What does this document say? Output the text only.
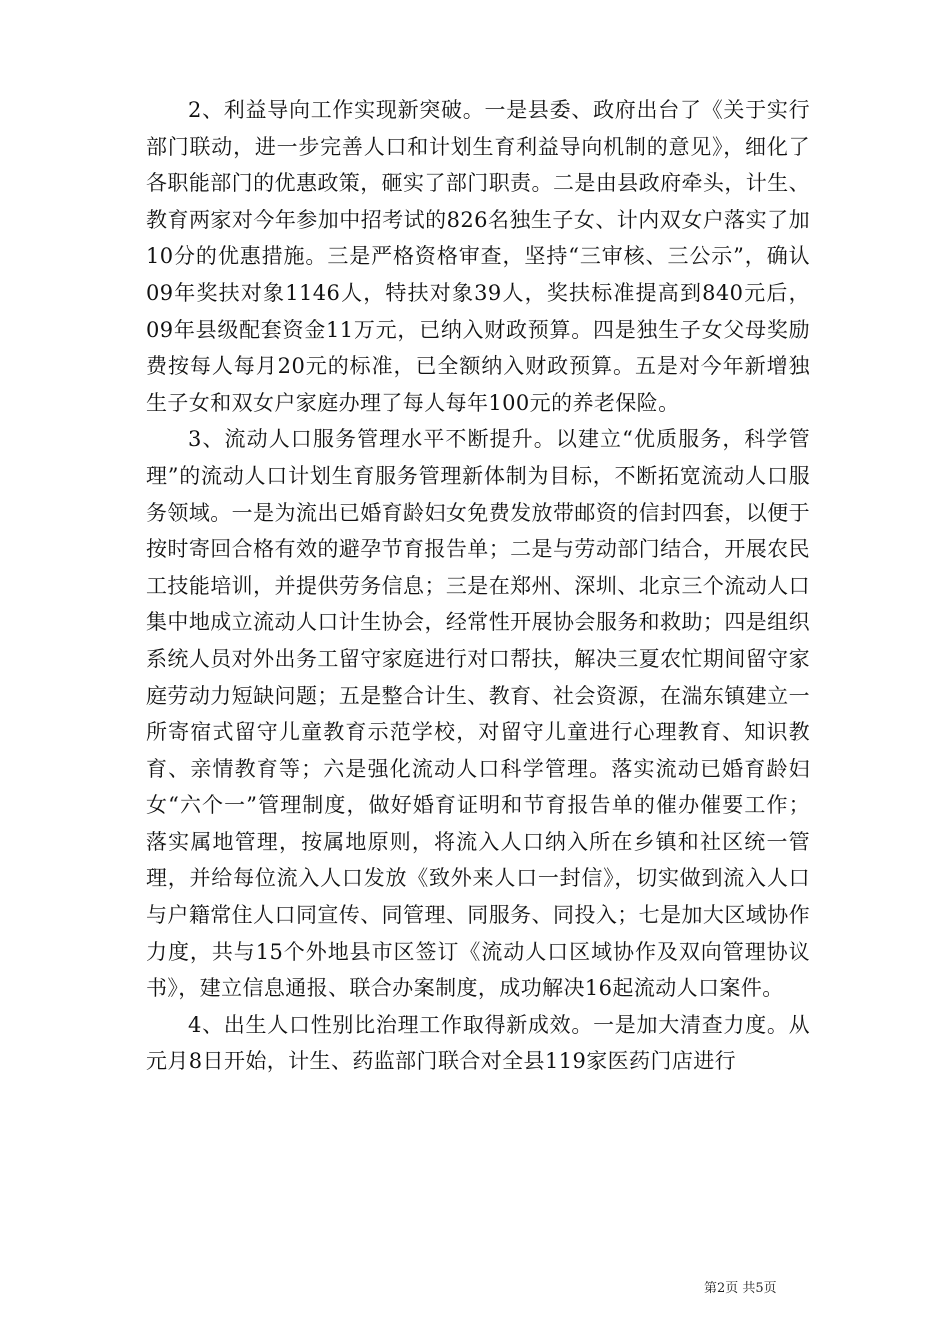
2、利益导向工作实现新突破。一是县委、政府出台了《关于实行部门联动，进一步完善人口和计划生育利益导向机制的意见》，细化了各职能部门的优惠政策，砸实了部门职责。二是由县政府牵头，计生、教育两家对今年参加中招考试的826名独生子女、计内双女户落实了加10分的优惠措施。三是严格资格审查，坚持“三审核、三公示”，确认09年奖扶对象1146人，特扶对象39人，奖扶标准提高到840元后，09年县级配套资金11万元，已纳入财政预算。四是独生子女父母奖励费按每人每月20元的标准，已全额纳入财政预算。五是对今年新增独生子女和双女户家庭办理了每人每年100元的养老保险。

3、流动人口服务管理水平不断提升。以建立“优质服务，科学管理”的流动人口计划生育服务管理新体制为目标，不断拓宽流动人口服务领域。一是为流出已婚育龄妇女免费发放带邮资的信封四套，以便于按时寄回合格有效的避孕节育报告单；二是与劳动部门结合，开展农民工技能培训，并提供劳务信息；三是在郑州、深圳、北京三个流动人口集中地成立流动人口计生协会，经常性开展协会服务和救助；四是组织系统人员对外出务工留守家庭进行对口帮扶，解决三夏农忙期间留守家庭劳动力短缺问题；五是整合计生、教育、社会资源，在湍东镇建立一所寄宿式留守儿童教育示范学校，对留守儿童进行心理教育、知识教育、亲情教育等；六是强化流动人口科学管理。落实流动已婚育龄妇女“六个一”管理制度，做好婚育证明和节育报告单的催办催要工作；落实属地管理，按属地原则，将流入人口纳入所在乡镇和社区统一管理，并给每位流入人口发放《致外来人口一封信》，切实做到流入人口与户籍常住人口同宣传、同管理、同服务、同投入；七是加大区域协作力度，共与15个外地县市区签订《流动人口区域协作及双向管理协议书》，建立信息通报、联合办案制度，成功解决16起流动人口案件。

4、出生人口性别比治理工作取得新成效。一是加大清查力度。从元月8日开始，计生、药监部门联合对全县119家医药门店进行

第2页 共5页
